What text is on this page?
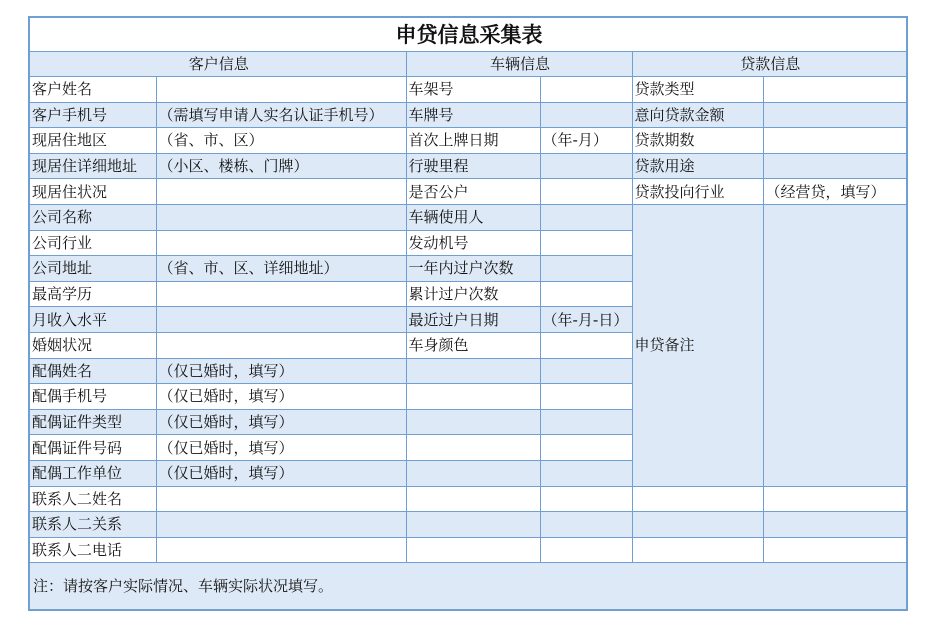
申贷信息采集表					
客户信息		车辆信息		贷款信息	
客户姓名		车架号		贷款类型	
客户手机号	（需填写申请人实名认证手机号）	车牌号		意向贷款金额	
现居住地区	（省、市、区）	首次上牌日期	（年-月）	贷款期数	
现居住详细地址	（小区、楼栋、门牌）	行驶里程		贷款用途	
现居住状况		是否公户		贷款投向行业	（经营贷，填写）
公司名称		车辆使用人		申贷备注	
公司行业		发动机号			
公司地址	（省、市、区、详细地址）	一年内过户次数			
最高学历		累计过户次数			
月收入水平		最近过户日期	（年-月-日）		
婚姻状况		车身颜色			
配偶姓名	（仅已婚时，填写）				
配偶手机号	（仅已婚时，填写）				
配偶证件类型	（仅已婚时，填写）				
配偶证件号码	（仅已婚时，填写）				
配偶工作单位	（仅已婚时，填写）				
联系人二姓名					
联系人二关系					
联系人二电话					
注：请按客户实际情况、车辆实际状况填写。					
